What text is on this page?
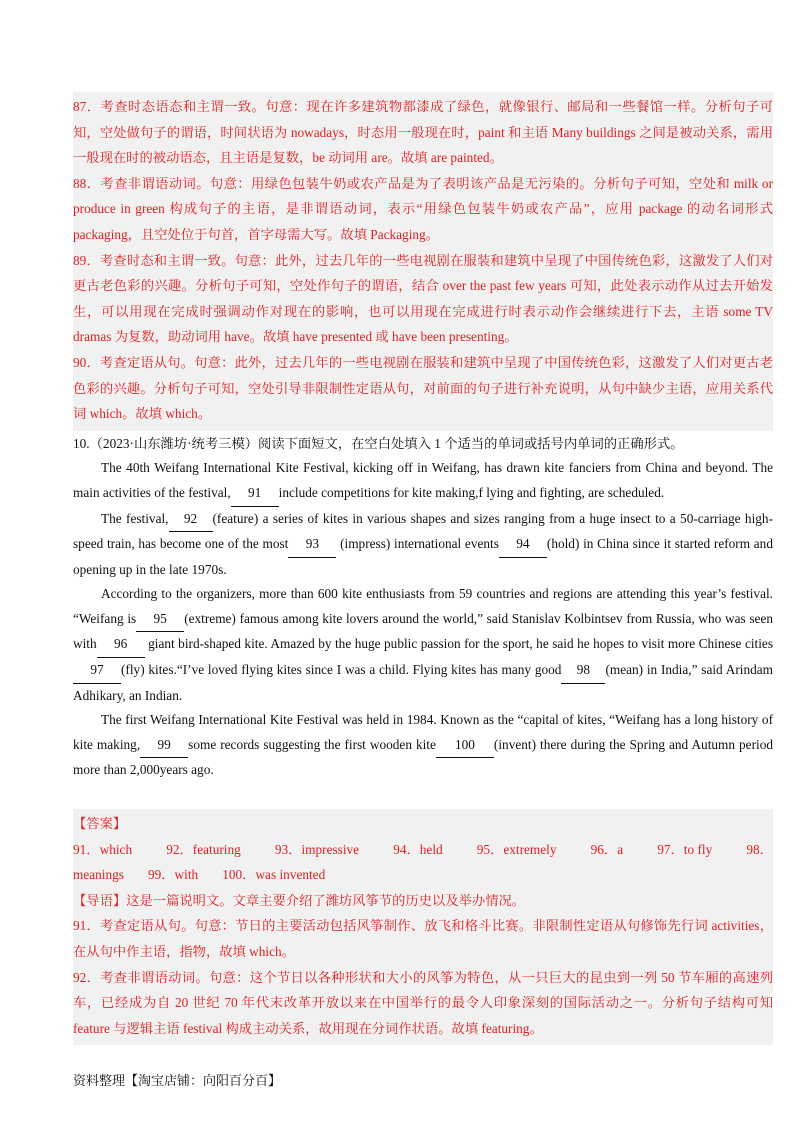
87．考查时态语态和主谓一致。句意：现在许多建筑物都漆成了绿色，就像银行、邮局和一些餐馆一样。分析句子可知，空处做句子的谓语，时间状语为 nowadays，时态用一般现在时，paint 和主语 Many buildings 之间是被动关系，需用一般现在时的被动语态，且主语是复数，be 动词用 are。故填 are painted。

88．考查非谓语动词。句意：用绿色包装牛奶或农产品是为了表明该产品是无污染的。分析句子可知，空处和 milk or produce in green 构成句子的主语，是非谓语动词，表示“用绿色包装牛奶或农产品”，应用 package 的动名词形式 packaging，且空处位于句首，首字母需大写。故填 Packaging。

89．考查时态和主谓一致。句意：此外，过去几年的一些电视剧在服装和建筑中呈现了中国传统色彩，这激发了人们对更古老色彩的兴趣。分析句子可知，空处作句子的谓语，结合 over the past few years 可知，此处表示动作从过去开始发生，可以用现在完成时强调动作对现在的影响，也可以用现在完成进行时表示动作会继续进行下去，主语 some TV dramas 为复数，助动词用 have。故填 have presented 或 have been presenting。

90．考查定语从句。句意：此外，过去几年的一些电视剧在服装和建筑中呈现了中国传统色彩，这激发了人们对更古老色彩的兴趣。分析句子可知，空处引导非限制性定语从句，对前面的句子进行补充说明，从句中缺少主语，应用关系代词 which。故填 which。

10.（2023·山东潍坊·统考三模）阅读下面短文，在空白处填入 1 个适当的单词或括号内单词的正确形式。

The 40th Weifang International Kite Festival, kicking off in Weifang, has drawn kite fanciers from China and beyond. The main activities of the festival, 91 include competitions for kite making,f lying and fighting, are scheduled.

The festival, 92 (feature) a series of kites in various shapes and sizes ranging from a huge insect to a 50-carriage high-speed train, has become one of the most 93 (impress) international events 94 (hold) in China since it started reform and opening up in the late 1970s.

According to the organizers, more than 600 kite enthusiasts from 59 countries and regions are attending this year’s festival. “Weifang is 95 (extreme) famous among kite lovers around the world,” said Stanislav Kolbintsev from Russia, who was seen with 96 giant bird-shaped kite. Amazed by the huge public passion for the sport, he said he hopes to visit more Chinese cities97 (fly) kites.“I’ve loved flying kites since I was a child. Flying kites has many good 98 (mean) in India,” said Arindam Adhikary, an Indian.

The first Weifang International Kite Festival was held in 1984. Known as the “capital of kites, “Weifang has a long history of kite making, 99 some records suggesting the first wooden kite 100 (invent) there during the Spring and Autumn period more than 2,000years ago.

【答案】

91．which	92．featuring	93．impressive	94．held	95．extremely	96．a	97．to fly	98．
meanings 99．with 100．was invented

【导语】这是一篇说明文。文章主要介绍了潍坊风筝节的历史以及举办情况。

91．考查定语从句。句意：节日的主要活动包括风筝制作、放飞和格斗比赛。非限制性定语从句修饰先行词 activities，在从句中作主语，指物，故填 which。

92．考查非谓语动词。句意：这个节日以各种形状和大小的风筝为特色，从一只巨大的昆虫到一列 50 节车厢的高速列车，已经成为自 20 世纪 70 年代末改革开放以来在中国举行的最令人印象深刻的国际活动之一。分析句子结构可知 feature 与逻辑主语 festival 构成主动关系，故用现在分词作状语。故填 featuring。

资料整理【淘宝店铺：向阳百分百】
